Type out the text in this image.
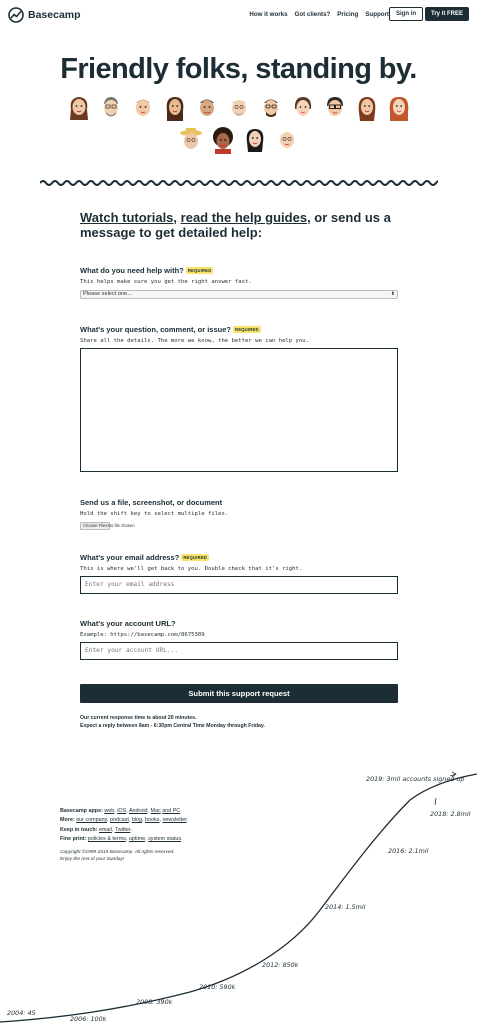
Basecamp	How it works Got clients? Pricing Support	Sign in	Try it FREE
Friendly folks, standing by.

Watch tutorials, read the help guides, or send us a message to get detailed help:

What do you need help with? REQUIRED
This helps make sure you get the right answer fast.
Please select one...	⬍
What's your question, comment, or issue? REQUIRED
Share all the details. The more we know, the better we can help you.
Send us a file, screenshot, or document
Hold the shift key to select multiple files.
Choose Files No file chosen
What's your email address? REQUIRED
This is where we'll get back to you. Double check that it's right.
Enter your email address
What's your account URL?
Example: https://basecamp.com/8675309
Enter your account URL...
Submit this support request
Our current response time is about 20 minutes.
Expect a reply between 8am - 6:30pm Central Time Monday through Friday.
2004: 45
2006: 100k
2008: 390k
2010: 590k
2012: 850k
2014: 1.5mil
2016: 2.1mil
2018: 2.8mil
2019: 3mil accounts signed up
Basecamp apps: web, iOS, Android, Mac and PC.
More: our company, podcast, blog, books, newsletter.
Keep in touch: email, Twitter.
Fine print: policies & terms, uptime, system status.
Copyright ©1999-2019 Basecamp. All rights reserved.
Enjoy the rest of your Sunday!
